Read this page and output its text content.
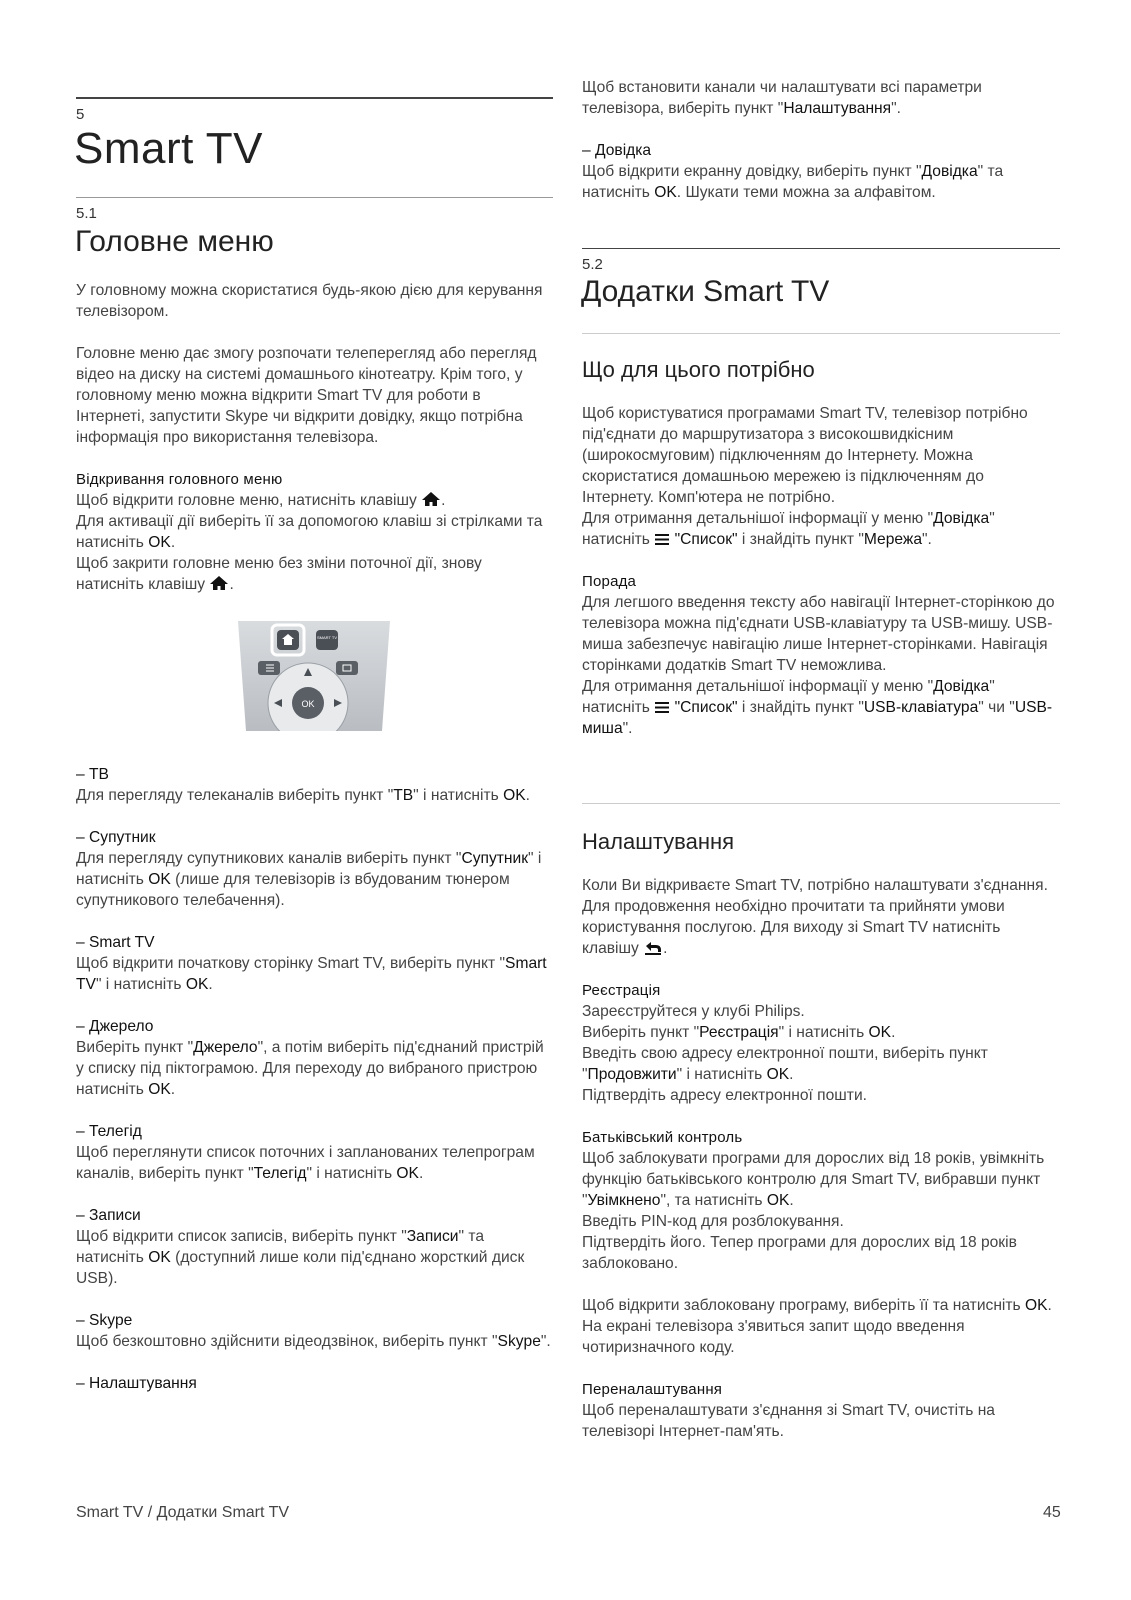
5
Smart TV
5.1
Головне меню

У головному можна скористатися будь-якою дією для керування телевізором.

Головне меню дає змогу розпочати телеперегляд або перегляд відео на диску на системі домашнього кінотеатру. Крім того, у головному меню можна відкрити Smart TV для роботи в Інтернеті, запустити Skype чи відкрити довідку, якщо потрібна інформація про використання телевізора.

Відкривання головного меню

Щоб відкрити головне меню, натисніть клавішу .
Для активації дії виберіть її за допомогою клавіш зі стрілками та натисніть OK.
Щоб закрити головне меню без зміни поточної дії, знову натисніть клавішу .

SMART TV
OK
– ТВ

Для перегляду телеканалів виберіть пункт "ТВ" і натисніть OK.

– Супутник

Для перегляду супутникових каналів виберіть пункт "Супутник" і натисніть OK (лише для телевізорів із вбудованим тюнером супутникового телебачення).

– Smart TV

Щоб відкрити початкову сторінку Smart TV, виберіть пункт "Smart TV" і натисніть OK.

– Джерело

Виберіть пункт "Джерело", а потім виберіть під'єднаний пристрій у списку під піктограмою. Для переходу до вибраного пристрою натисніть OK.

– Телегід

Щоб переглянути список поточних і запланованих телепрограм каналів, виберіть пункт "Телегід" і натисніть OK.

– Записи

Щоб відкрити список записів, виберіть пункт "Записи" та натисніть OK (доступний лише коли під'єднано жорсткий диск USB).

– Skype

Щоб безкоштовно здійснити відеодзвінок, виберіть пункт "Skype".

– Налаштування

Щоб встановити канали чи налаштувати всі параметри телевізора, виберіть пункт "Налаштування".

– Довідка

Щоб відкрити екранну довідку, виберіть пункт "Довідка" та натисніть OK. Шукати теми можна за алфавітом.

5.2
Додатки Smart TV
Що для цього потрібно

Щоб користуватися програмами Smart TV, телевізор потрібно під'єднати до маршрутизатора з високошвидкісним (широкосмуговим) підключенням до Інтернету. Можна скористатися домашньою мережею із підключенням до Інтернету. Комп'ютера не потрібно.

Для отримання детальнішої інформації у меню "Довідка" натисніть  "Список" і знайдіть пункт "Мережа".

Порада

Для легшого введення тексту або навігації Інтернет-сторінкою до телевізора можна під'єднати USB-клавіатуру та USB-мишу. USB-миша забезпечує навігацію лише Інтернет-сторінками. Навігація сторінками додатків Smart TV неможлива.

Для отримання детальнішої інформації у меню "Довідка" натисніть  "Список" і знайдіть пункт "USB-клавіатура" чи "USB-миша".

Налаштування

Коли Ви відкриваєте Smart TV, потрібно налаштувати з'єднання. Для продовження необхідно прочитати та прийняти умови користування послугою. Для виходу зі Smart TV натисніть клавішу .

Реєстрація

Зареєструйтеся у клубі Philips.
Виберіть пункт "Реєстрація" і натисніть OK.
Введіть свою адресу електронної пошти, виберіть пункт "Продовжити" і натисніть OK.
Підтвердіть адресу електронної пошти.

Батьківський контроль

Щоб заблокувати програми для дорослих від 18 років, увімкніть функцію батьківського контролю для Smart TV, вибравши пункт "Увімкнено", та натисніть OK.
Введіть PIN-код для розблокування.
Підтвердіть його. Тепер програми для дорослих від 18 років заблоковано.

Щоб відкрити заблоковану програму, виберіть її та натисніть OK. На екрані телевізора з'явиться запит щодо введення чотиризначного коду.

Переналаштування

Щоб переналаштувати з'єднання зі Smart TV, очистіть на телевізорі Інтернет-пам'ять.

Smart TV / Додатки Smart TV	45
